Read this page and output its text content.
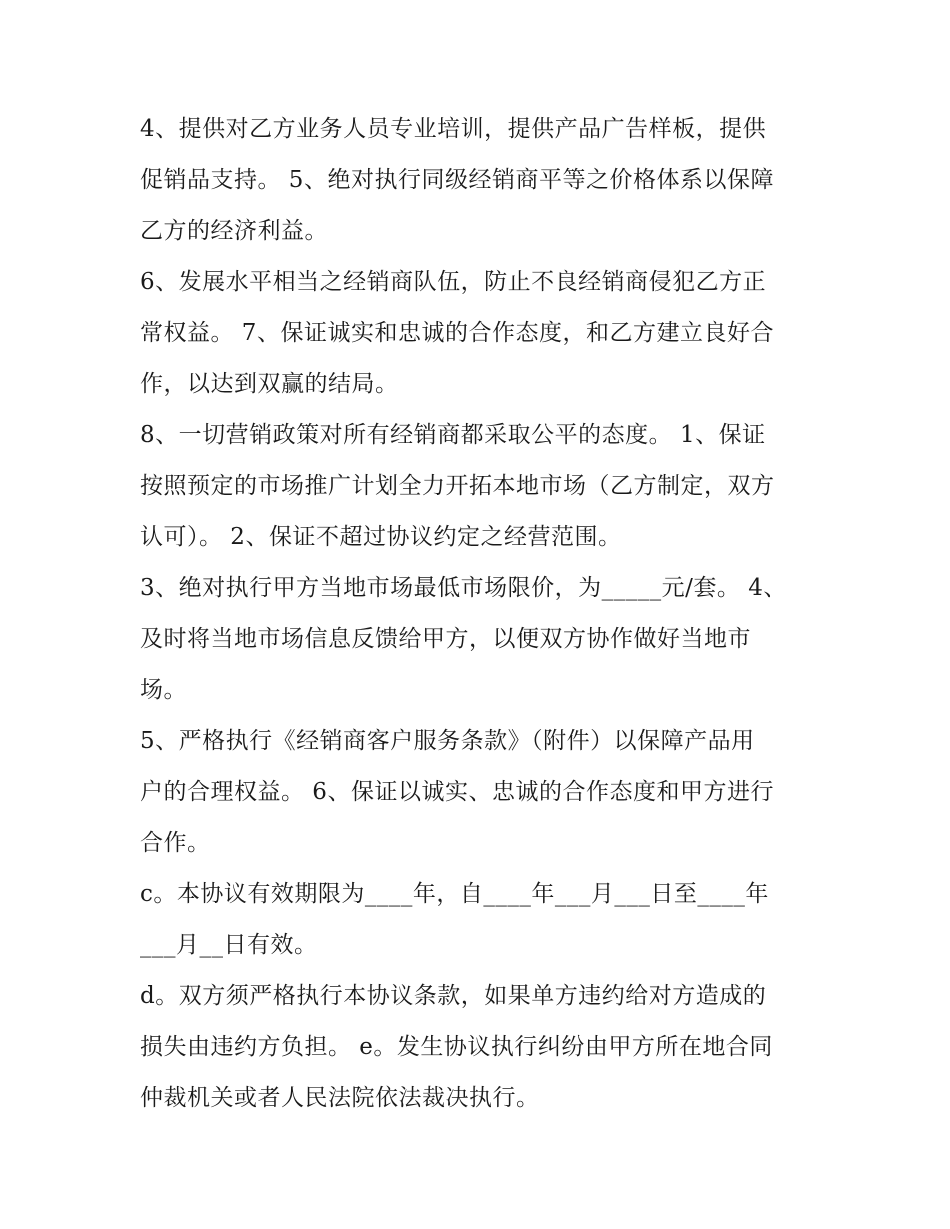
4、提供对乙方业务人员专业培训，提供产品广告样板，提供
促销品支持。 5、绝对执行同级经销商平等之价格体系以保障
乙方的经济利益。
6、发展水平相当之经销商队伍，防止不良经销商侵犯乙方正
常权益。 7、保证诚实和忠诚的合作态度，和乙方建立良好合
作，以达到双赢的结局。
8、一切营销政策对所有经销商都采取公平的态度。 1、保证
按照预定的市场推广计划全力开拓本地市场（乙方制定，双方
认可）。 2、保证不超过协议约定之经营范围。
3、绝对执行甲方当地市场最低市场限价，为_____元/套。 4、
及时将当地市场信息反馈给甲方，以便双方协作做好当地市
场。
5、严格执行《经销商客户服务条款》（附件）以保障产品用
户的合理权益。 6、保证以诚实、忠诚的合作态度和甲方进行
合作。
c。本协议有效期限为____年，自____年___月___日至____年
___月__日有效。
d。双方须严格执行本协议条款，如果单方违约给对方造成的
损失由违约方负担。 e。发生协议执行纠纷由甲方所在地合同
仲裁机关或者人民法院依法裁决执行。
